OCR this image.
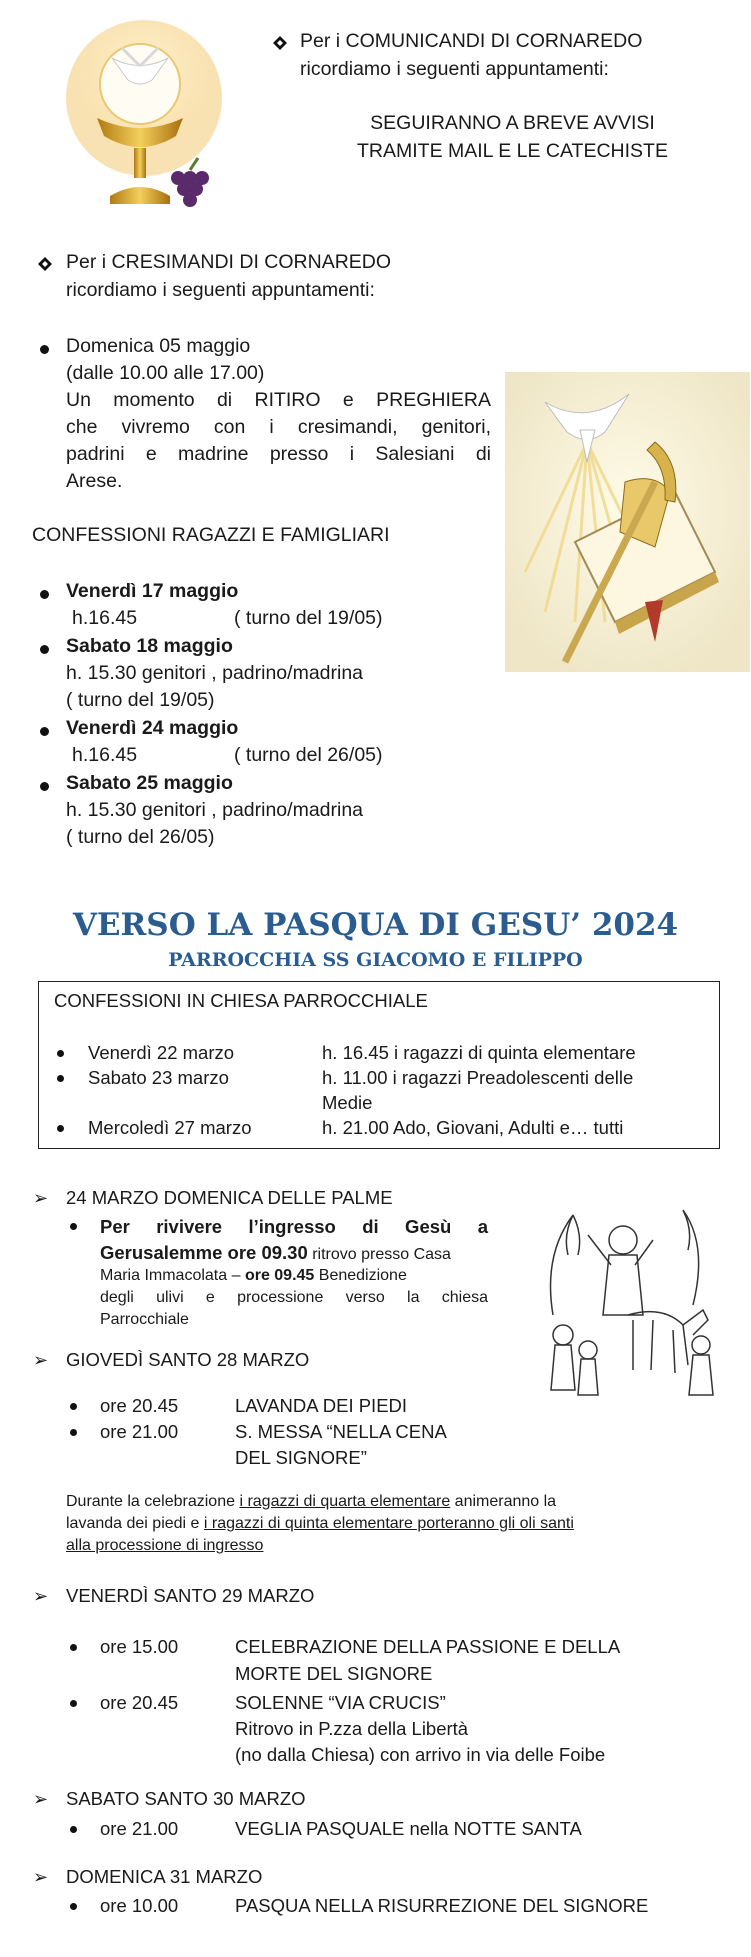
Per i COMUNICANDI DI CORNAREDO
ricordiamo i seguenti appuntamenti:
SEGUIRANNO A BREVE AVVISI
TRAMITE MAIL E LE CATECHISTE
Per i CRESIMANDI DI CORNAREDO
ricordiamo i seguenti appuntamenti:
Domenica 05 maggio
(dalle 10.00 alle 17.00)
Un momento di RITIRO e PREGHIERA
che vivremo con i cresimandi, genitori,
padrini e madrine presso i Salesiani di
Arese.
CONFESSIONI RAGAZZI E FAMIGLIARI
Venerdì 17 maggio
h.16.45	( turno del 19/05)
Sabato 18 maggio
h. 15.30 genitori , padrino/madrina
( turno del 19/05)
Venerdì 24 maggio
h.16.45	( turno del 26/05)
Sabato 25 maggio
h. 15.30 genitori , padrino/madrina
( turno del 26/05)
VERSO LA PASQUA DI GESU’ 2024
PARROCCHIA SS GIACOMO E FILIPPO
CONFESSIONI IN CHIESA PARROCCHIALE
Venerdì 22 marzo	h. 16.45 i ragazzi di quinta elementare
Sabato 23 marzo	h. 11.00 i ragazzi Preadolescenti delle
Medie
Mercoledì 27 marzo	h. 21.00 Ado, Giovani, Adulti e… tutti
➢ 24 MARZO DOMENICA DELLE PALME
Per rivivere l’ingresso di Gesù a
Gerusalemme ore 09.30 ritrovo presso Casa
Maria Immacolata – ore 09.45 Benedizione
degli ulivi e processione verso la chiesa
Parrocchiale
➢ GIOVEDÌ SANTO 28 MARZO
ore 20.45	LAVANDA DEI PIEDI
ore 21.00	S. MESSA “NELLA CENA
DEL SIGNORE”
Durante la celebrazione i ragazzi di quarta elementare animeranno la
lavanda dei piedi e i ragazzi di quinta elementare porteranno gli oli santi
alla processione di ingresso
➢ VENERDÌ SANTO 29 MARZO
ore 15.00	CELEBRAZIONE DELLA PASSIONE E DELLA
MORTE DEL SIGNORE
ore 20.45	SOLENNE “VIA CRUCIS”
Ritrovo in P.zza della Libertà
(no dalla Chiesa) con arrivo in via delle Foibe
➢ SABATO SANTO 30 MARZO
ore 21.00	VEGLIA PASQUALE nella NOTTE SANTA
➢ DOMENICA 31 MARZO
ore 10.00	PASQUA NELLA RISURREZIONE DEL SIGNORE
